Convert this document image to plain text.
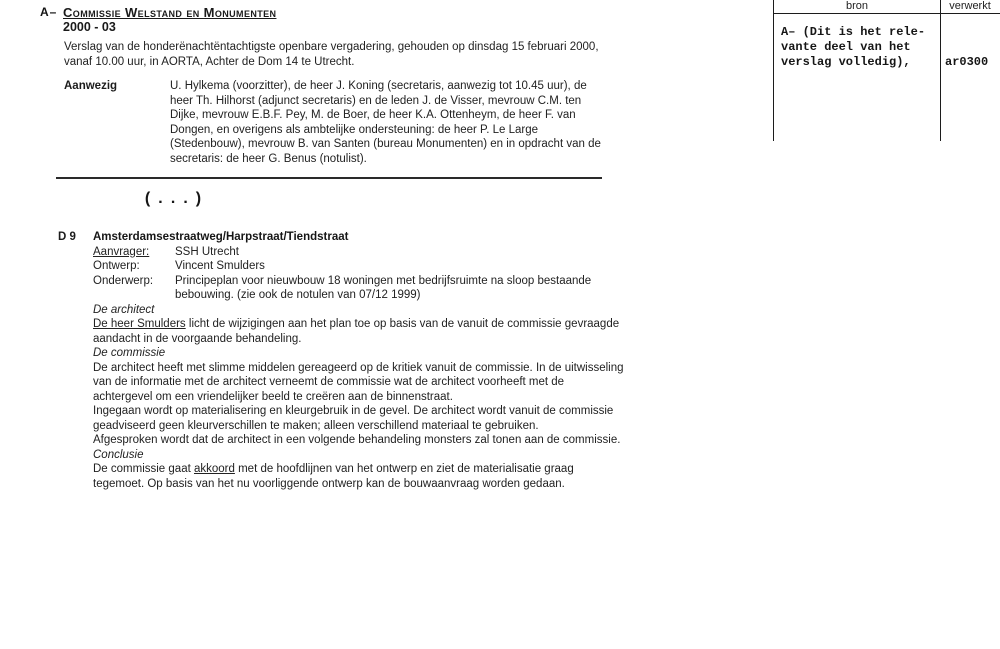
A– Commissie Welstand en Monumenten
2000 - 03
Verslag van de honderënachtëntachtigste openbare vergadering, gehouden op dinsdag 15 februari 2000, vanaf 10.00 uur, in AORTA, Achter de Dom 14 te Utrecht.
Aanwezig	U. Hylkema (voorzitter), de heer J. Koning (secretaris, aanwezig tot 10.45 uur), de heer Th. Hilhorst (adjunct secretaris) en de leden J. de Visser, mevrouw C.M. ten Dijke, mevrouw E.B.F. Pey, M. de Boer, de heer K.A. Ottenheym, de heer F. van Dongen, en overigens als ambtelijke ondersteuning: de heer P. Le Large (Stedenbouw), mevrouw B. van Santen (bureau Monumenten) en in opdracht van de secretaris: de heer G. Benus (notulist).
(...)
D 9	Amsterdamsestraatweg/Harpstraat/Tiendstraat
Aanvrager:	SSH Utrecht
Ontwerp:	Vincent Smulders
Onderwerp:	Principeplan voor nieuwbouw 18 woningen met bedrijfsruimte na sloop bestaande bebouwing. (zie ook de notulen van 07/12 1999)
De architect
De heer Smulders licht de wijzigingen aan het plan toe op basis van de vanuit de commissie gevraagde aandacht in de voorgaande behandeling.
De commissie
De architect heeft met slimme middelen gereageerd op de kritiek vanuit de commissie. In de uitwisseling van de informatie met de architect verneemt de commissie wat de architect voorheeft met de achtergevel om een vriendelijker beeld te creëren aan de binnenstraat.
Ingegaan wordt op materialisering en kleurgebruik in de gevel. De architect wordt vanuit de commissie geadviseerd geen kleurverschillen te maken; alleen verschillend materiaal te gebruiken.
Afgesproken wordt dat de architect in een volgende behandeling monsters zal tonen aan de commissie.
Conclusie
De commissie gaat akkoord met de hoofdlijnen van het ontwerp en ziet de materialisatie graag tegemoet. Op basis van het nu voorliggende ontwerp kan de bouwaanvraag worden gedaan.
bron	verwerkt
A– (Dit is het rele-
vante deel van het
verslag volledig),	ar0300
